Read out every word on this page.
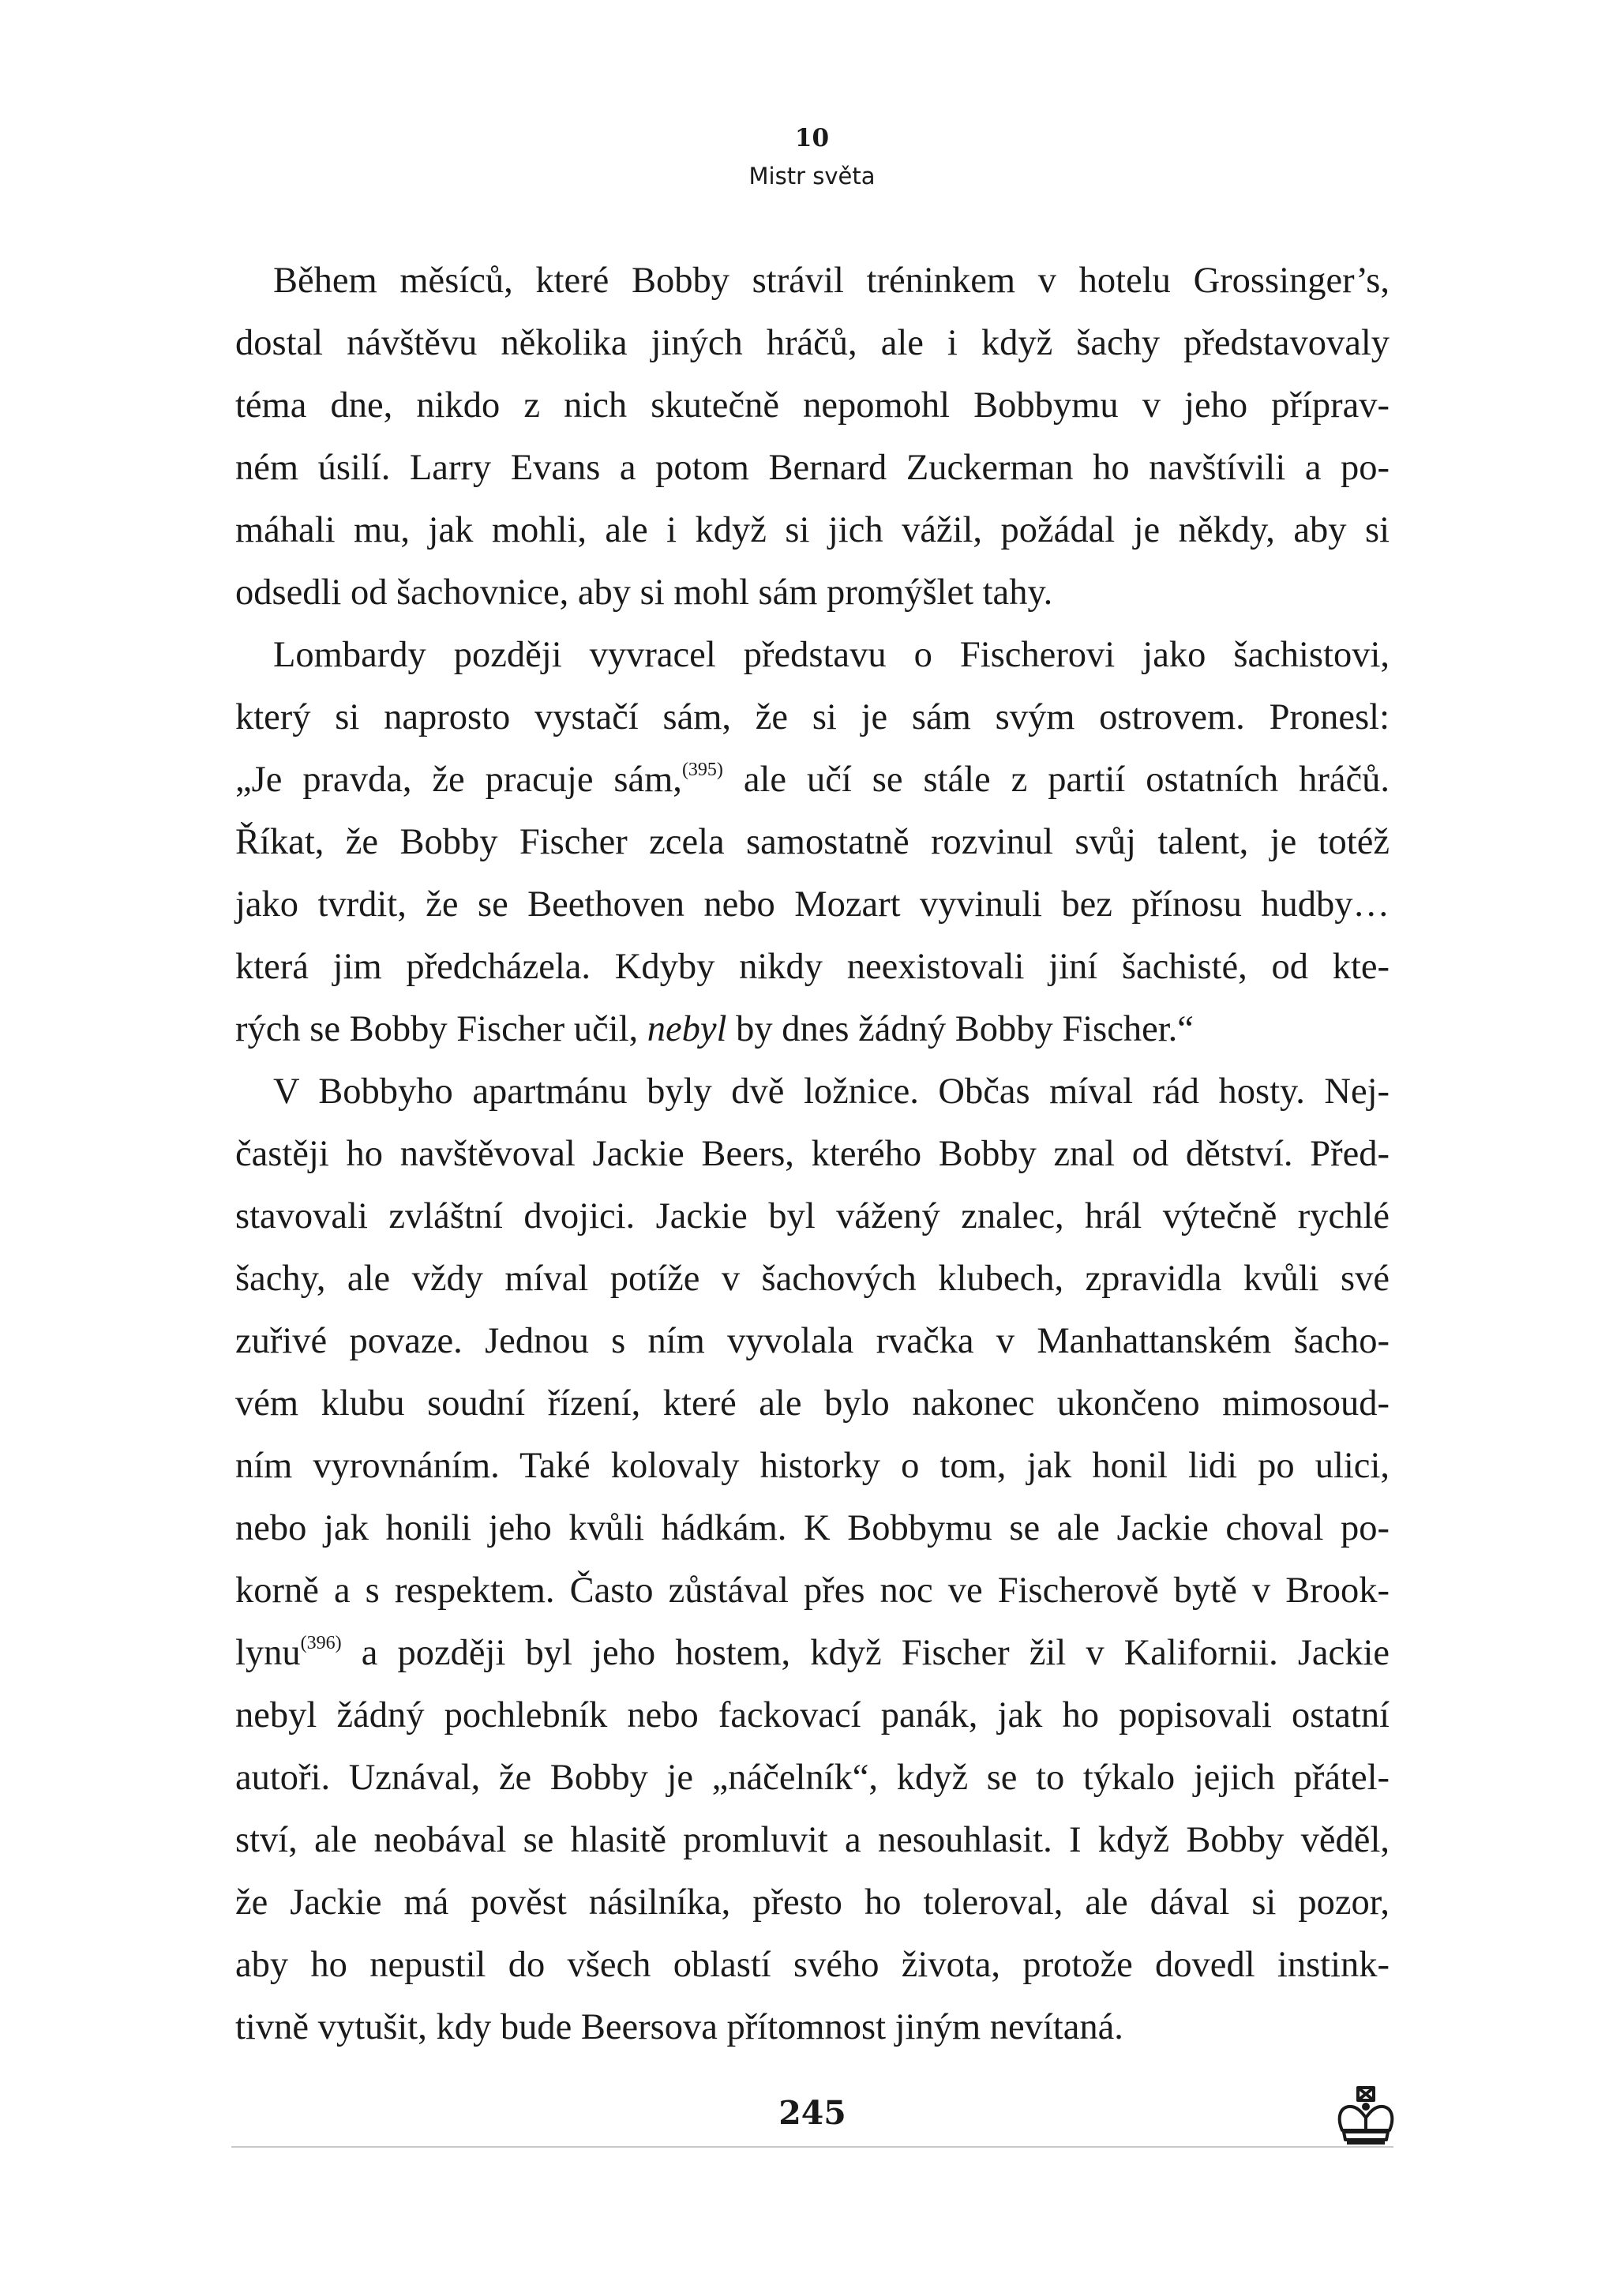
10
Mistr světa

Během měsíců, které Bobby strávil tréninkem v hotelu Grossinger’s,
dostal návštěvu několika jiných hráčů, ale i když šachy představovaly
téma dne, nikdo z nich skutečně nepomohl Bobbymu v jeho příprav-
ném úsilí. Larry Evans a potom Bernard Zuckerman ho navštívili a po-
máhali mu, jak mohli, ale i když si jich vážil, požádal je někdy, aby si
odsedli od šachovnice, aby si mohl sám promýšlet tahy.

Lombardy později vyvracel představu o Fischerovi jako šachistovi,
který si naprosto vystačí sám, že si je sám svým ostrovem. Pronesl:
„Je pravda, že pracuje sám,$^{(395)}$ ale učí se stále z partií ostatních hráčů.
Říkat, že Bobby Fischer zcela samostatně rozvinul svůj talent, je totéž
jako tvrdit, že se Beethoven nebo Mozart vyvinuli bez přínosu hudby…
která jim předcházela. Kdyby nikdy neexistovali jiní šachisté, od kte-
rých se Bobby Fischer učil, nebyl by dnes žádný Bobby Fischer.“

V Bobbyho apartmánu byly dvě ložnice. Občas míval rád hosty. Nej-
častěji ho navštěvoval Jackie Beers, kterého Bobby znal od dětství. Před-
stavovali zvláštní dvojici. Jackie byl vážený znalec, hrál výtečně rychlé
šachy, ale vždy míval potíže v šachových klubech, zpravidla kvůli své
zuřivé povaze. Jednou s ním vyvolala rvačka v Manhattanském šacho-
vém klubu soudní řízení, které ale bylo nakonec ukončeno mimosoud-
ním vyrovnáním. Také kolovaly historky o tom, jak honil lidi po ulici,
nebo jak honili jeho kvůli hádkám. K Bobbymu se ale Jackie choval po-
korně a s respektem. Často zůstával přes noc ve Fischerově bytě v Brook-
lynu$^{(396)}$ a později byl jeho hostem, když Fischer žil v Kalifornii. Jackie
nebyl žádný pochlebník nebo fackovací panák, jak ho popisovali ostatní
autoři. Uznával, že Bobby je „náčelník“, když se to týkalo jejich přátel-
ství, ale neobával se hlasitě promluvit a nesouhlasit. I když Bobby věděl,
že Jackie má pověst násilníka, přesto ho toleroval, ale dával si pozor,
aby ho nepustil do všech oblastí svého života, protože dovedl instink-
tivně vytušit, kdy bude Beersova přítomnost jiným nevítaná.

245
